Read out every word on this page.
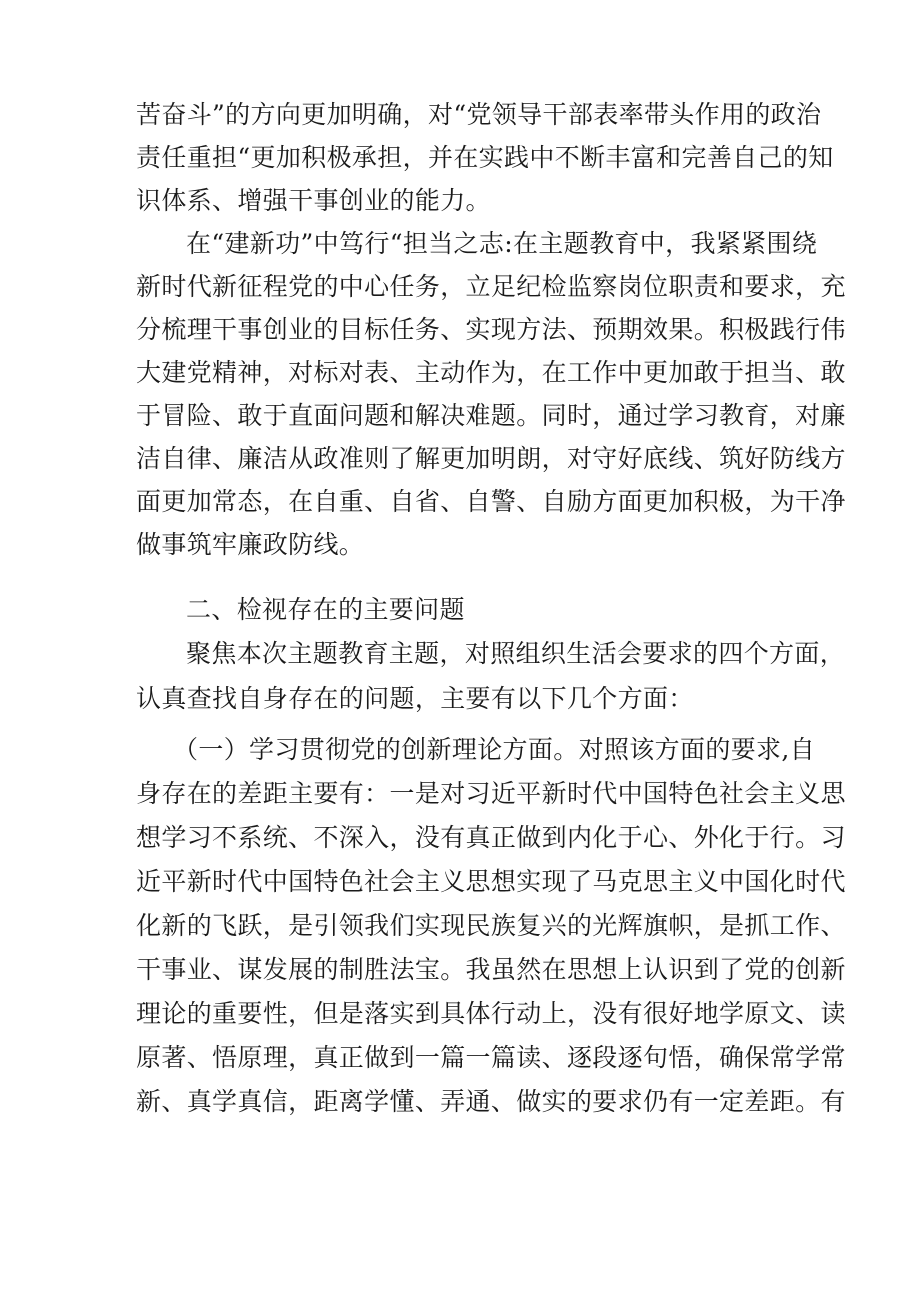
苦奋斗”的方向更加明确，对“党领导干部表率带头作用的政治
责任重担“更加积极承担，并在实践中不断丰富和完善自己的知
识体系、增强干事创业的能力。
在“建新功”中笃行“担当之志:在主题教育中，我紧紧围绕
新时代新征程党的中心任务，立足纪检监察岗位职责和要求，充
分梳理干事创业的目标任务、实现方法、预期效果。积极践行伟
大建党精神，对标对表、主动作为，在工作中更加敢于担当、敢
于冒险、敢于直面问题和解决难题。同时，通过学习教育，对廉
洁自律、廉洁从政准则了解更加明朗，对守好底线、筑好防线方
面更加常态，在自重、自省、自警、自励方面更加积极，为干净
做事筑牢廉政防线。
二、检视存在的主要问题
聚焦本次主题教育主题，对照组织生活会要求的四个方面，
认真查找自身存在的问题，主要有以下几个方面：
（一）学习贯彻党的创新理论方面。对照该方面的要求,自
身存在的差距主要有：一是对习近平新时代中国特色社会主义思
想学习不系统、不深入，没有真正做到内化于心、外化于行。习
近平新时代中国特色社会主义思想实现了马克思主义中国化时代
化新的飞跃，是引领我们实现民族复兴的光辉旗帜，是抓工作、
干事业、谋发展的制胜法宝。我虽然在思想上认识到了党的创新
理论的重要性，但是落实到具体行动上，没有很好地学原文、读
原著、悟原理，真正做到一篇一篇读、逐段逐句悟，确保常学常
新、真学真信，距离学懂、弄通、做实的要求仍有一定差距。有
